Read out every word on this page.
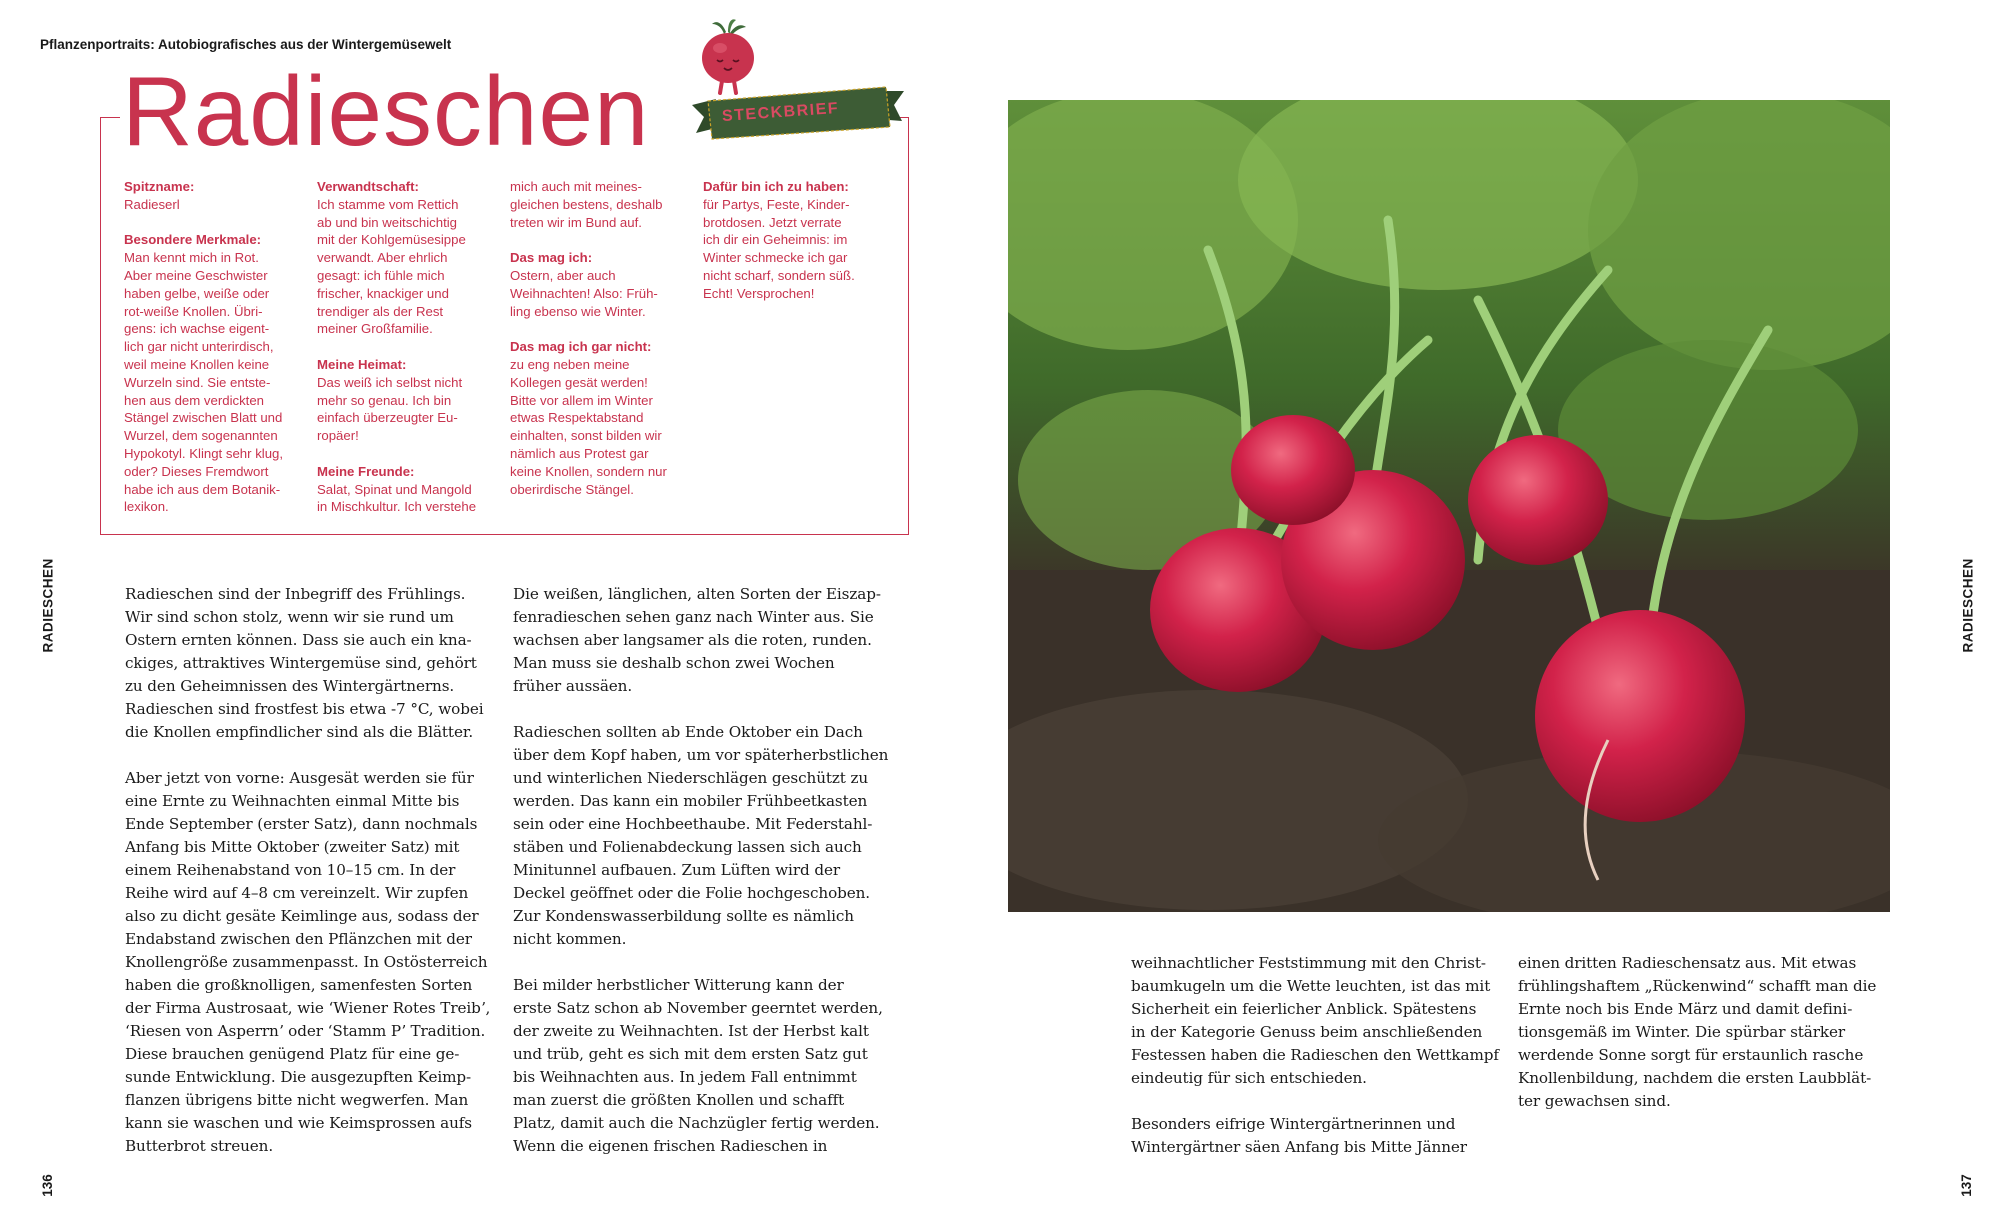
Pflanzenportraits: Autobiografisches aus der Wintergemüsewelt
Radieschen	STECKBRIEF
Spitzname:
Radieserl
Besondere Merkmale:
Man kennt mich in Rot.
Aber meine Geschwister
haben gelbe, weiße oder
rot-weiße Knollen. Übri-
gens: ich wachse eigent-
lich gar nicht unterirdisch,
weil meine Knollen keine
Wurzeln sind. Sie entste-
hen aus dem verdickten
Stängel zwischen Blatt und
Wurzel, dem sogenannten
Hypokotyl. Klingt sehr klug,
oder? Dieses Fremdwort
habe ich aus dem Botanik-
lexikon.
Verwandtschaft:
Ich stamme vom Rettich
ab und bin weitschichtig
mit der Kohlgemüsesippe
verwandt. Aber ehrlich
gesagt: ich fühle mich
frischer, knackiger und
trendiger als der Rest
meiner Großfamilie.
Meine Heimat:
Das weiß ich selbst nicht
mehr so genau. Ich bin
einfach überzeugter Eu-
ropäer!
Meine Freunde:
Salat, Spinat und Mangold
in Mischkultur. Ich verstehe
mich auch mit meines-
gleichen bestens, deshalb
treten wir im Bund auf.
Das mag ich:
Ostern, aber auch
Weihnachten! Also: Früh-
ling ebenso wie Winter.
Das mag ich gar nicht:
zu eng neben meine
Kollegen gesät werden!
Bitte vor allem im Winter
etwas Respektabstand
einhalten, sonst bilden wir
nämlich aus Protest gar
keine Knollen, sondern nur
oberirdische Stängel.
Dafür bin ich zu haben:
für Partys, Feste, Kinder-
brotdosen. Jetzt verrate
ich dir ein Geheimnis: im
Winter schmecke ich gar
nicht scharf, sondern süß.
Echt! Versprochen!
RADIESCHEN
136

Radieschen sind der Inbegriff des Frühlings.
Wir sind schon stolz, wenn wir sie rund um
Ostern ernten können. Dass sie auch ein kna-
ckiges, attraktives Wintergemüse sind, gehört
zu den Geheimnissen des Wintergärtnerns.
Radieschen sind frostfest bis etwa -7 °C, wobei
die Knollen empfindlicher sind als die Blätter.

Aber jetzt von vorne: Ausgesät werden sie für
eine Ernte zu Weihnachten einmal Mitte bis
Ende September (erster Satz), dann nochmals
Anfang bis Mitte Oktober (zweiter Satz) mit
einem Reihenabstand von 10–15 cm. In der
Reihe wird auf 4–8 cm vereinzelt. Wir zupfen
also zu dicht gesäte Keimlinge aus, sodass der
Endabstand zwischen den Pflänzchen mit der
Knollengröße zusammenpasst. In Ostösterreich
haben die großknolligen, samenfesten Sorten
der Firma Austrosaat, wie ʻWiener Rotes Treibʼ,
ʻRiesen von Asperrnʼ oder ʻStamm Pʼ Tradition.
Diese brauchen genügend Platz für eine ge-
sunde Entwicklung. Die ausgezupften Keimp-
flanzen übrigens bitte nicht wegwerfen. Man
kann sie waschen und wie Keimsprossen aufs
Butterbrot streuen.

Die weißen, länglichen, alten Sorten der Eiszap-
fenradieschen sehen ganz nach Winter aus. Sie
wachsen aber langsamer als die roten, runden.
Man muss sie deshalb schon zwei Wochen
früher aussäen.

Radieschen sollten ab Ende Oktober ein Dach
über dem Kopf haben, um vor späterherbstlichen
und winterlichen Niederschlägen geschützt zu
werden. Das kann ein mobiler Frühbeetkasten
sein oder eine Hochbeethaube. Mit Federstahl-
stäben und Folienabdeckung lassen sich auch
Minitunnel aufbauen. Zum Lüften wird der
Deckel geöffnet oder die Folie hochgeschoben.
Zur Kondenswasserbildung sollte es nämlich
nicht kommen.

Bei milder herbstlicher Witterung kann der
erste Satz schon ab November geerntet werden,
der zweite zu Weihnachten. Ist der Herbst kalt
und trüb, geht es sich mit dem ersten Satz gut
bis Weihnachten aus. In jedem Fall entnimmt
man zuerst die größten Knollen und schafft
Platz, damit auch die Nachzügler fertig werden.
Wenn die eigenen frischen Radieschen in

RADIESCHEN
137

weihnachtlicher Feststimmung mit den Christ-
baumkugeln um die Wette leuchten, ist das mit
Sicherheit ein feierlicher Anblick. Spätestens
in der Kategorie Genuss beim anschließenden
Festessen haben die Radieschen den Wettkampf
eindeutig für sich entschieden.

Besonders eifrige Wintergärtnerinnen und
Wintergärtner säen Anfang bis Mitte Jänner

einen dritten Radieschensatz aus. Mit etwas
frühlingshaftem „Rückenwind“ schafft man die
Ernte noch bis Ende März und damit defini-
tionsgemäß im Winter. Die spürbar stärker
werdende Sonne sorgt für erstaunlich rasche
Knollenbildung, nachdem die ersten Laubblät-
ter gewachsen sind.
